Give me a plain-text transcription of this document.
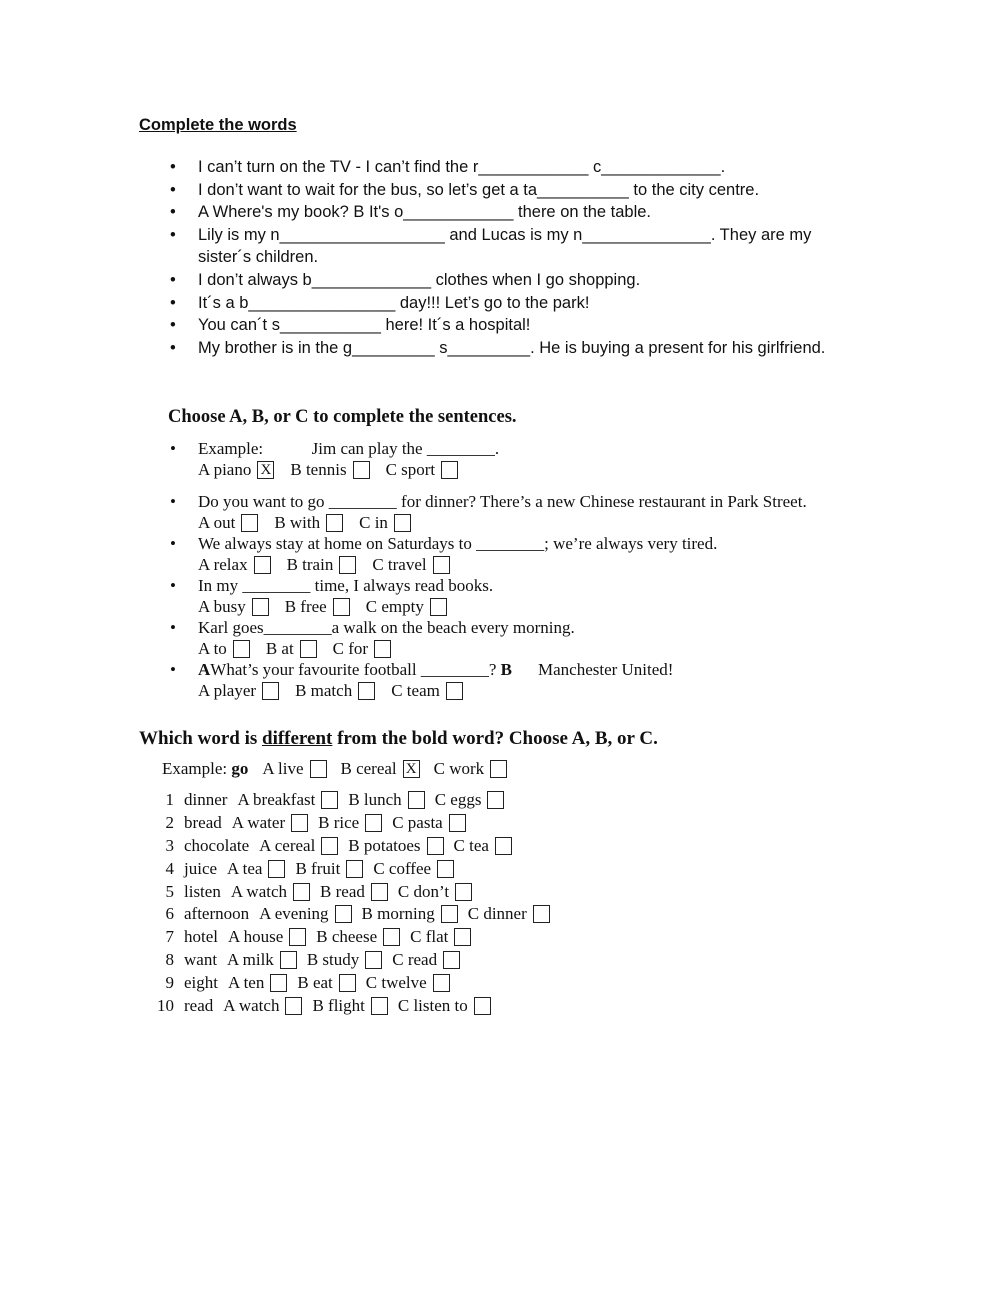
Complete the words
• I can’t turn on the TV - I can’t find the r____________ c_____________.
• I don’t want to wait for the bus, so let’s get a ta__________ to the city centre.
• A Where's my book? B It's o____________ there on the table.
• Lily is my n__________________ and Lucas is my n______________. They are my sister´s children.
• I don’t always b_____________ clothes when I go shopping.
• It´s a b________________ day!!! Let’s go to the park!
• You can´t s___________ here! It´s a hospital!
• My brother is in the g_________ s_________. He is buying a present for his girlfriend.
Choose A, B, or C to complete the sentences.
• Example:	Jim can play the ________.
A piano X B tennis C sport
• Do you want to go ________ for dinner? There’s a new Chinese restaurant in Park Street.
A out B with C in
• We always stay at home on Saturdays to ________; we’re always very tired.
A relax B train C travel
• In my ________ time, I always read books.
A busy B free C empty
• Karl goes________a walk on the beach every morning.
A to B at C for
• AWhat’s your favourite football ________? B Manchester United!
A player B match C team
Which word is different from the bold word? Choose A, B, or C.
Example: go A live B cereal X C work
1 dinner A breakfast B lunch C eggs
2 bread A water B rice C pasta
3 chocolate A cereal B potatoes C tea
4 juice A tea B fruit C coffee
5 listen A watch B read C don’t
6 afternoon A evening B morning C dinner
7 hotel A house B cheese C flat
8 want A milk B study C read
9 eight A ten B eat C twelve
10 read A watch B flight C listen to
